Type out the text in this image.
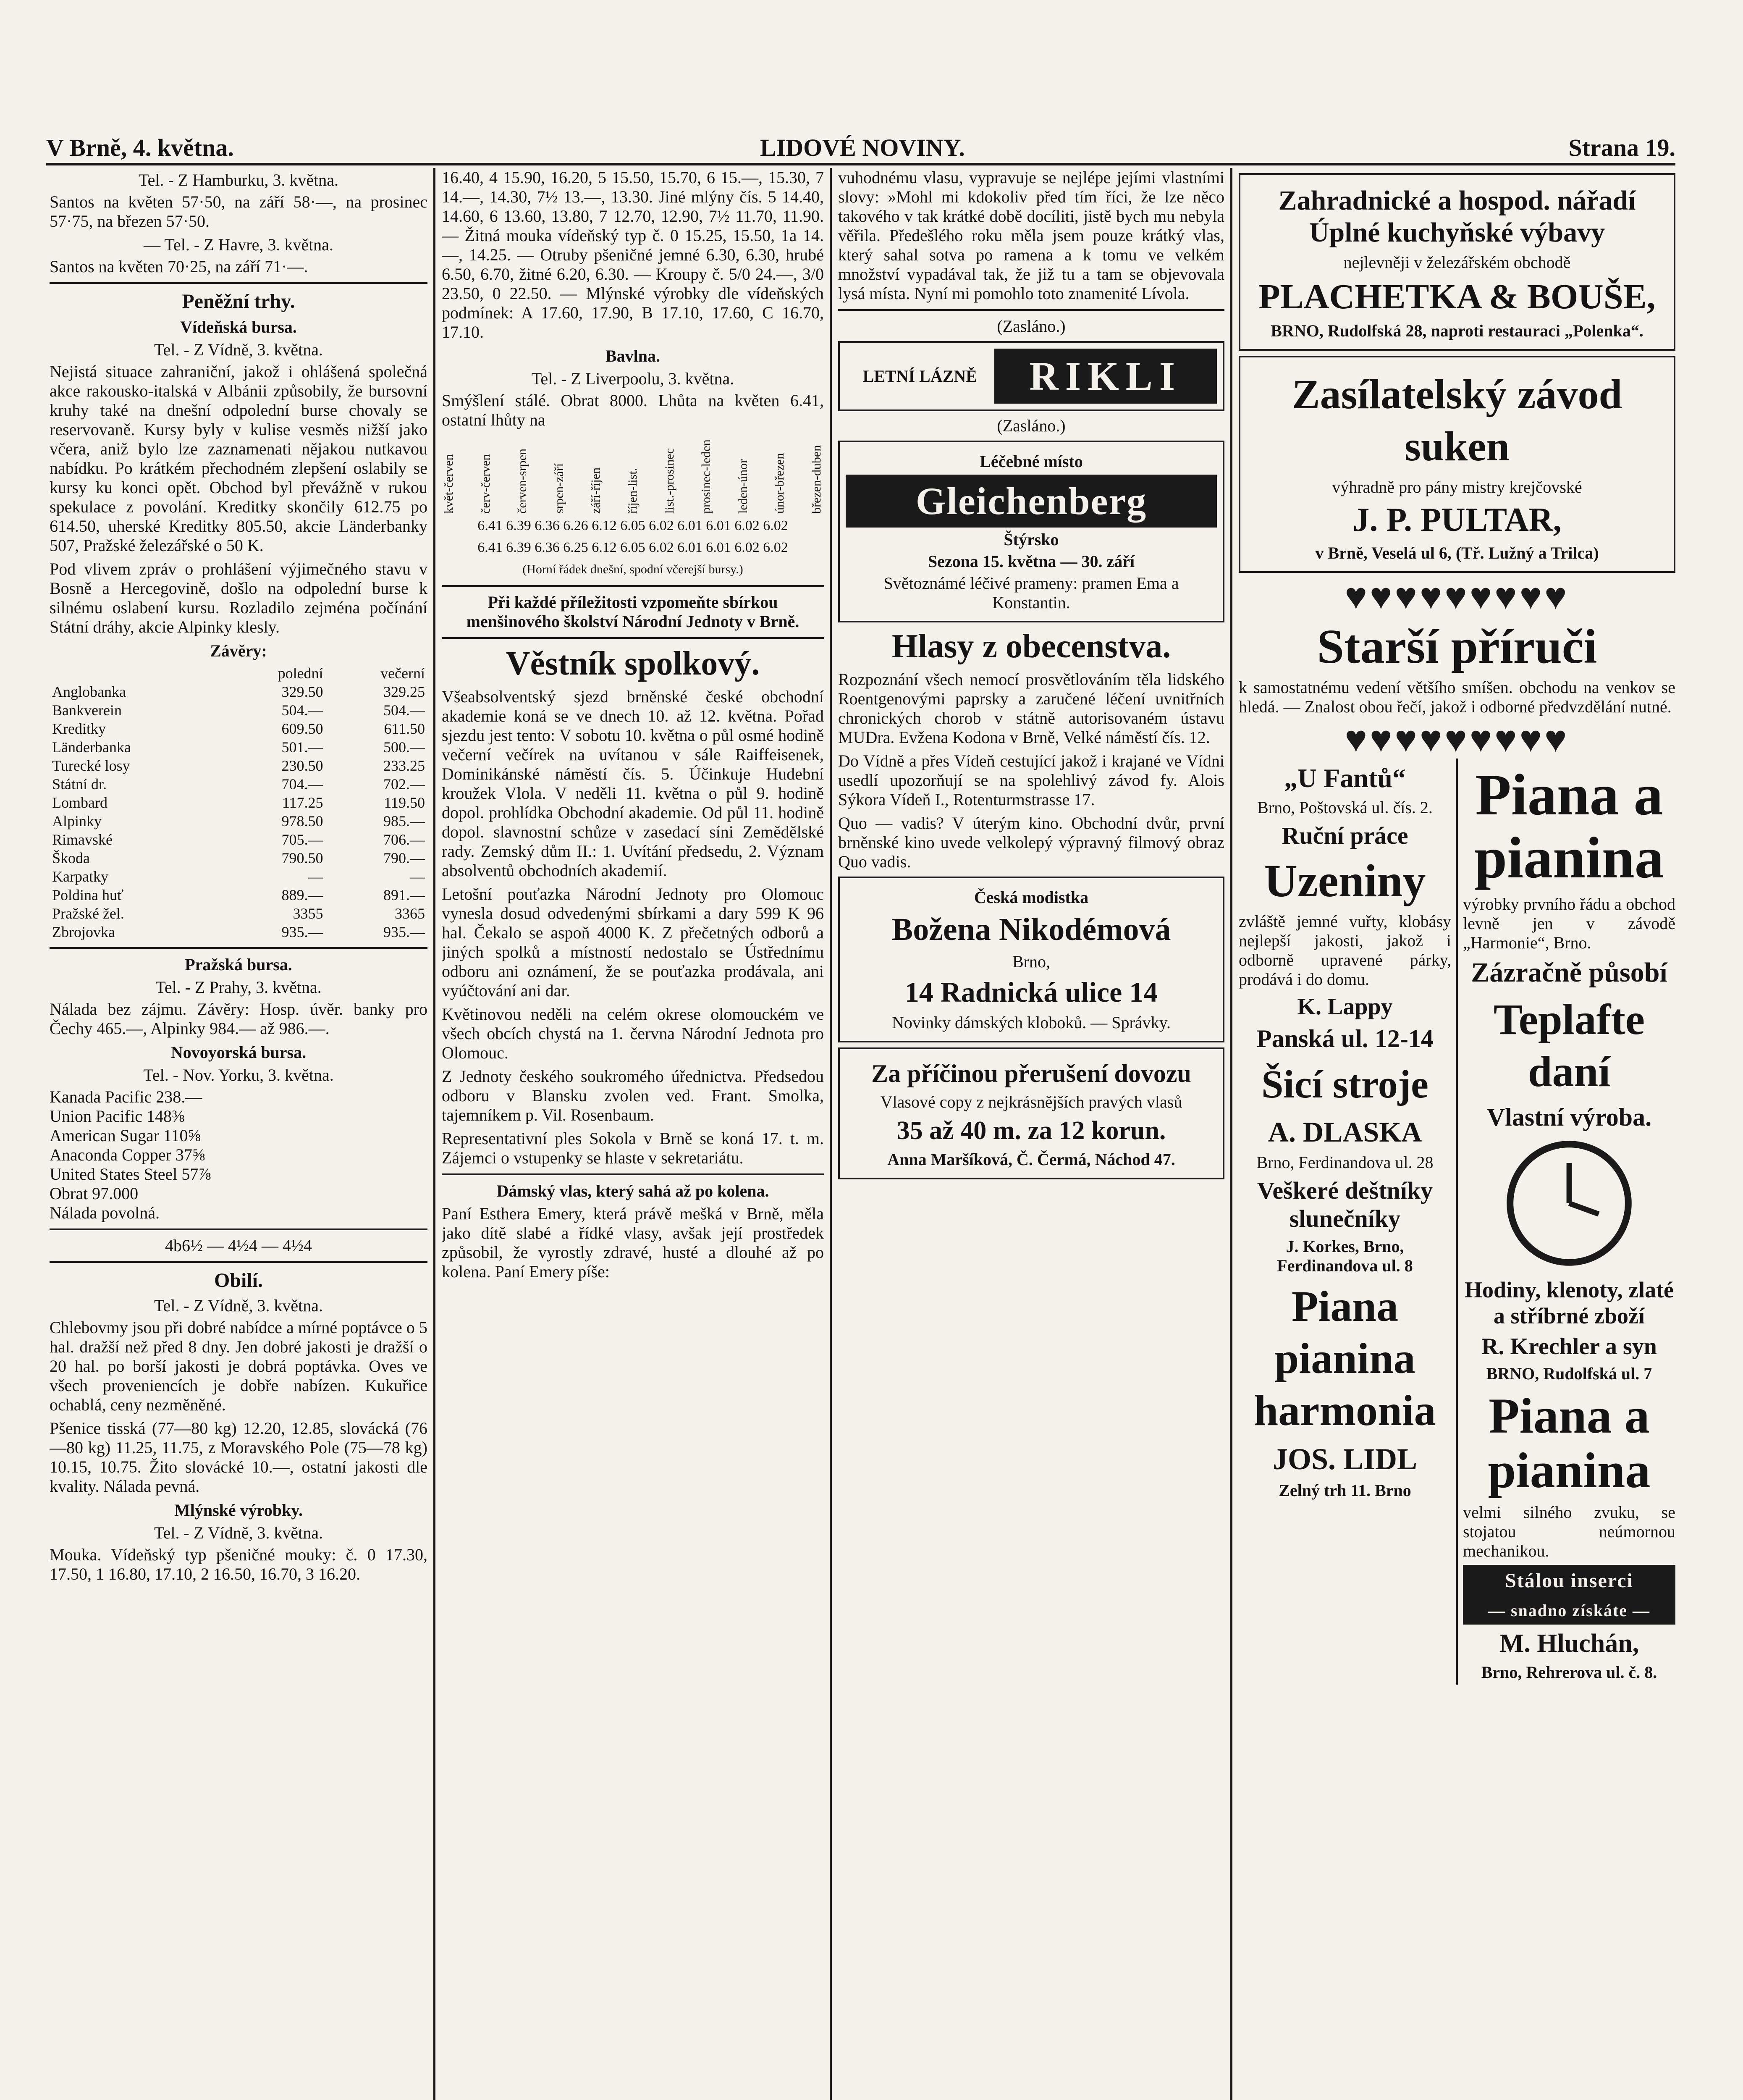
V Brně, 4. května.	LIDOVÉ NOVINY.	Strana 19.

Tel. - Z Hamburku, 3. května.

Santos na květen 57·50, na září 58·—, na prosinec 57·75, na březen 57·50.

— Tel. - Z Havre, 3. května.

Santos na květen 70·25, na září 71·—.

Peněžní trhy.
Vídeňská bursa.

Tel. - Z Vídně, 3. května.

Nejistá situace zahraniční, jakož i ohlášená společná akce rakousko-italská v Albánii způsobily, že bursovní kruhy také na dnešní odpolední burse chovaly se reservovaně. Kursy byly v kulise vesměs nižší jako včera, aniž bylo lze zaznamenati nějakou nutkavou nabídku. Po krátkém přechodném zlepšení oslabily se kursy ku konci opět. Obchod byl převážně v rukou spekulace z povolání. Kreditky skončily 612.75 po 614.50, uherské Kreditky 805.50, akcie Länderbanky 507, Pražské železářské o 50 K.

Pod vlivem zpráv o prohlášení výjimečného stavu v Bosně a Hercegovině, došlo na odpolední burse k silnému oslabení kursu. Rozladilo zejména počínání Státní dráhy, akcie Alpinky klesly.

Závěry:
	polední	večerní
Anglobanka	329.50	329.25
Bankverein	504.—	504.—
Kreditky	609.50	611.50
Länderbanka	501.—	500.—
Turecké losy	230.50	233.25
Státní dr.	704.—	702.—
Lombard	117.25	119.50
Alpinky	978.50	985.—
Rimavské	705.—	706.—
Škoda	790.50	790.—
Karpatky	—	—
Poldina huť	889.—	891.—
Pražské žel.	3355	3365
Zbrojovka	935.—	935.—
Pražská bursa.

Tel. - Z Prahy, 3. května.

Nálada bez zájmu. Závěry: Hosp. úvěr. banky pro Čechy 465.—, Alpinky 984.— až 986.—.

Novoyorská bursa.

Tel. - Nov. Yorku, 3. května.

Kanada Pacific 238.—

Union Pacific 148⅜

American Sugar 110⅝

Anaconda Copper 37⅝

United States Steel 57⅞

Obrat 97.000

Nálada povolná.

4b6½ — 4½4 — 4½4

Obilí.

Tel. - Z Vídně, 3. května.

Chlebovmy jsou při dobré nabídce a mírné poptávce o 5 hal. dražší než před 8 dny. Jen dobré jakosti je dražší o 20 hal. po borší jakosti je dobrá poptávka. Oves ve všech proveniencích je dobře nabízen. Kukuřice ochablá, ceny nezměněné.

Pšenice tisská (77—80 kg) 12.20, 12.85, slovácká (76—80 kg) 11.25, 11.75, z Moravského Pole (75—78 kg) 10.15, 10.75. Žito slovácké 10.—, ostatní jakosti dle kvality. Nálada pevná.

Mlýnské výrobky.

Tel. - Z Vídně, 3. května.

Mouka. Vídeňský typ pšeničné mouky: č. 0 17.30, 17.50, 1 16.80, 17.10, 2 16.50, 16.70, 3 16.20.

16.40, 4 15.90, 16.20, 5 15.50, 15.70, 6 15.—, 15.30, 7 14.—, 14.30, 7½ 13.—, 13.30. Jiné mlýny čís. 5 14.40, 14.60, 6 13.60, 13.80, 7 12.70, 12.90, 7½ 11.70, 11.90. — Žitná mouka vídeňský typ č. 0 15.25, 15.50, 1a 14.—, 14.25. — Otruby pšeničné jemné 6.30, 6.30, hrubé 6.50, 6.70, žitné 6.20, 6.30. — Kroupy č. 5/0 24.—, 3/0 23.50, 0 22.50. — Mlýnské výrobky dle vídeňských podmínek: A 17.60, 17.90, B 17.10, 17.60, C 16.70, 17.10.

Bavlna.

Tel. - Z Liverpoolu, 3. května.

Smýšlení stálé. Obrat 8000. Lhůta na květen 6.41, ostatní lhůty na

květ-červen červ-červen červen-srpen srpen-září září-říjen říjen-list. list.-prosinec prosinec-leden leden-únor únor-březen březen-duben

6.41 6.39 6.36 6.26 6.12 6.05 6.02 6.01 6.01 6.02 6.02

6.41 6.39 6.36 6.25 6.12 6.05 6.02 6.01 6.01 6.02 6.02

(Horní řádek dnešní, spodní včerejší bursy.)

Při každé příležitosti vzpomeňte sbírkou menšinového školství Národní Jednoty v Brně.

Věstník spolkový.

Všeabsolventský sjezd brněnské české obchodní akademie koná se ve dnech 10. až 12. května. Pořad sjezdu jest tento: V sobotu 10. května o půl osmé hodině večerní večírek na uvítanou v sále Raiffeisenek, Dominikánské náměstí čís. 5. Účinkuje Hudební kroužek Vlola. V neděli 11. května o půl 9. hodině dopol. prohlídka Obchodní akademie. Od půl 11. hodině dopol. slavnostní schůze v zasedací síni Zemědělské rady. Zemský dům II.: 1. Uvítání předsedu, 2. Význam absolventů obchodních akademií.

Letošní pouťazka Národní Jednoty pro Olomouc vynesla dosud odvedenými sbírkami a dary 599 K 96 hal. Čekalo se aspoň 4000 K. Z přečetných odborů a jiných spolků a místností nedostalo se Ústřednímu odboru ani oznámení, že se pouťazka prodávala, ani vyúčtování ani dar.

Květinovou neděli na celém okrese olomouckém ve všech obcích chystá na 1. června Národní Jednota pro Olomouc.

Z Jednoty českého soukromého úřednictva. Předsedou odboru v Blansku zvolen ved. Frant. Smolka, tajemníkem p. Vil. Rosenbaum.

Representativní ples Sokola v Brně se koná 17. t. m. Zájemci o vstupenky se hlaste v sekretariátu.

Dámský vlas, který sahá až po kolena.

Paní Esthera Emery, která právě mešká v Brně, měla jako dítě slabé a řídké vlasy, avšak její prostředek způsobil, že vyrostly zdravé, husté a dlouhé až po kolena. Paní Emery píše:

vuhodnému vlasu, vypravuje se nejlépe jejími vlastními slovy: »Mohl mi kdokoliv před tím říci, že lze něco takového v tak krátké době docíliti, jistě bych mu nebyla věřila. Předešlého roku měla jsem pouze krátký vlas, který sahal sotva po ramena a k tomu ve velkém množství vypadával tak, že již tu a tam se objevovala lysá místa. Nyní mi pomohlo toto znamenité Lívola.

(Zasláno.)

LETNÍ LÁZNĚ	RIKLI

(Zasláno.)

Léčebné místo
Gleichenberg

Štýrsko

Sezona 15. května — 30. září

Světoznámé léčivé prameny: pramen Ema a Konstantin.

Hlasy z obecenstva.

Rozpoznání všech nemocí prosvětlováním těla lidského Roentgenovými paprsky a zaručené léčení uvnitřních chronických chorob v státně autorisovaném ústavu MUDra. Evžena Kodona v Brně, Velké náměstí čís. 12.

Do Vídně a přes Vídeň cestující jakož i krajané ve Vídni usedlí upozorňují se na spolehlivý závod fy. Alois Sýkora Vídeň I., Rotenturmstrasse 17.

Quo — vadis? V úterým kino. Obchodní dvůr, první brněnské kino uvede velkolepý výpravný filmový obraz Quo vadis.

Česká modistka
Božena Nikodémová

Brno,

14 Radnická ulice 14

Novinky dámských kloboků. — Správky.

Za příčinou přerušení dovozu

Vlasové copy z nejkrásnějších pravých vlasů

35 až 40 m. za 12 korun.

Anna Maršíková, Č. Čermá, Náchod 47.

Zahradnické a hospod. nářadí Úplné kuchyňské výbavy

nejlevněji v železářském obchodě

PLACHETKA & BOUŠE,

BRNO, Rudolfská 28, naproti restauraci „Polenka“.

Zasílatelský závod suken

výhradně pro pány mistry krejčovské

J. P. PULTAR,

v Brně, Veselá ul 6, (Tř. Lužný a Trilca)

♥♥♥♥♥♥♥♥♥
Starší příruči

k samostatnému vedení většího smíšen. obchodu na venkov se hledá. — Znalost obou řečí, jakož i odborné předvzdělání nutné.

♥♥♥♥♥♥♥♥♥
„U Fantů“

Brno, Poštovská ul. čís. 2.

Ruční práce
Uzeniny

zvláště jemné vuřty, klobásy nejlepší jakosti, jakož i odborně upravené párky, prodává i do domu.

K. Lappy
Panská ul. 12-14
Šicí stroje
A. DLASKA

Brno, Ferdinandova ul. 28

Veškeré deštníky slunečníky

J. Korkes, Brno, Ferdinandova ul. 8

Piana pianina harmonia
JOS. LIDL

Zelný trh 11. Brno

Piana a pianina

výrobky prvního řádu a obchod levně jen v závodě „Harmonie“, Brno.

Zázračně působí
Teplafte daní
Vlastní výroba.
Hodiny, klenoty, zlaté a stříbrné zboží
R. Krechler a syn

BRNO, Rudolfská ul. 7

Piana a pianina

velmi silného zvuku, se stojatou neúmornou mechanikou.

Stálou inserci
— snadno získáte —
M. Hluchán,

Brno, Rehrerova ul. č. 8.
